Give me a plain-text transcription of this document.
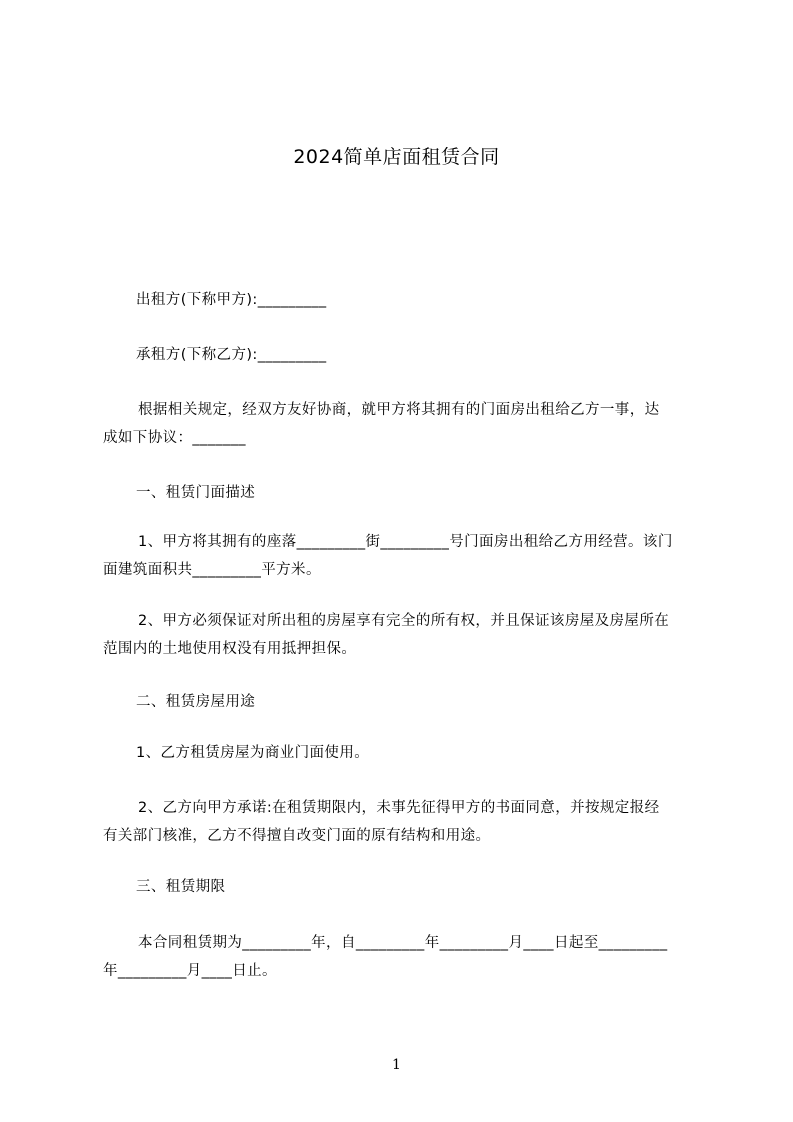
2024简单店面租赁合同
出租方(下称甲方):_________
承租方(下称乙方):_________
根据相关规定，经双方友好协商，就甲方将其拥有的门面房出租给乙方一事，达
成如下协议：_______
一、租赁门面描述
1、甲方将其拥有的座落_________街_________号门面房出租给乙方用经营。该门
面建筑面积共_________平方米。
2、甲方必须保证对所出租的房屋享有完全的所有权，并且保证该房屋及房屋所在
范围内的土地使用权没有用抵押担保。
二、租赁房屋用途
1、乙方租赁房屋为商业门面使用。
2、乙方向甲方承诺:在租赁期限内，未事先征得甲方的书面同意，并按规定报经
有关部门核准，乙方不得擅自改变门面的原有结构和用途。
三、租赁期限
本合同租赁期为_________年，自_________年_________月____日起至_________
年_________月____日止。
1
